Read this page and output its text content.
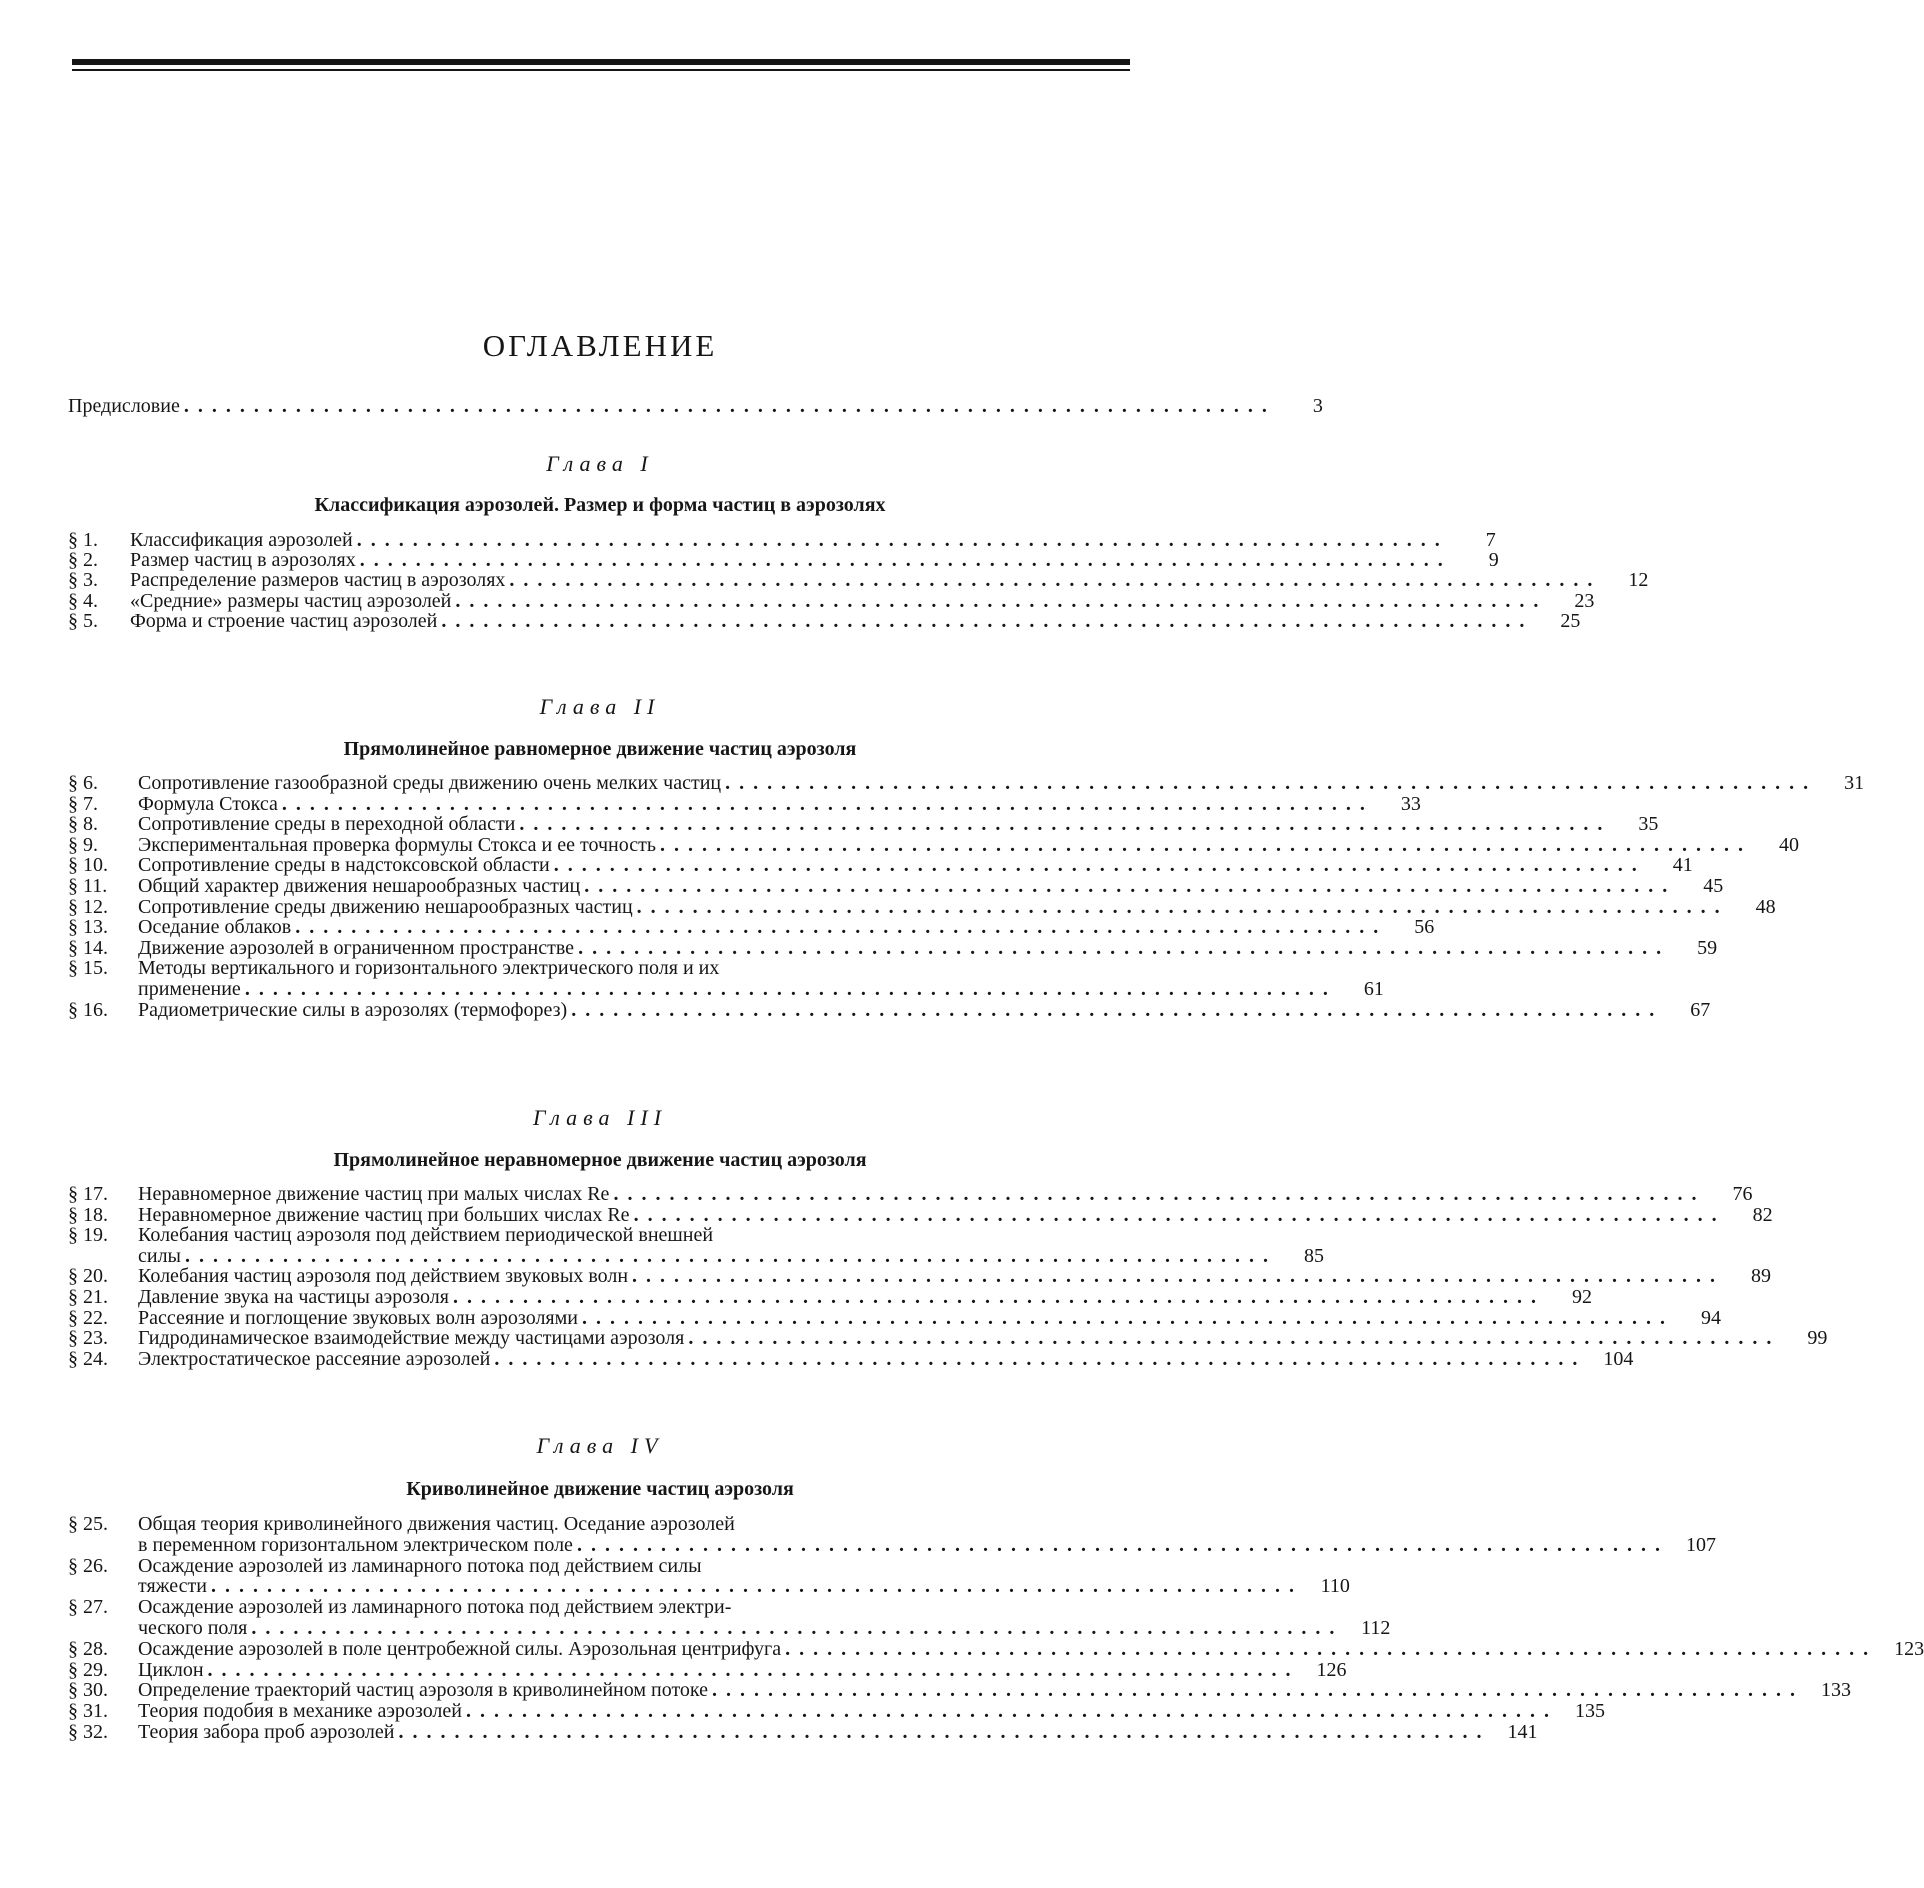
ОГЛАВЛЕНИЕ
Предисловие . . . . . . . . . . . . . . . . . . . . . . . . . . . . . . . . . . . . . . . . . . . . . . . . . . . . . . . . . . . . . . . . . . . . . . . . . . . . . .	3
Глава I
Классификация аэрозолей. Размер и форма частиц в аэрозолях
§ 1.	Классификация аэрозолей . . . . . . . . . . . . . . . . . . . . . . . . . . . . . . . . . . . . . . . . . . . . . . . . . . . . . . . . . . . . . . . . . . . . . . . . . . . . . .	7
§ 2.	Размер частиц в аэрозолях . . . . . . . . . . . . . . . . . . . . . . . . . . . . . . . . . . . . . . . . . . . . . . . . . . . . . . . . . . . . . . . . . . . . . . . . . . . . . .	9
§ 3.	Распределение размеров частиц в аэрозолях . . . . . . . . . . . . . . . . . . . . . . . . . . . . . . . . . . . . . . . . . . . . . . . . . . . . . . . . . . . . . . . . . . . . . . . . . . . . . .	12
§ 4.	«Средние» размеры частиц аэрозолей . . . . . . . . . . . . . . . . . . . . . . . . . . . . . . . . . . . . . . . . . . . . . . . . . . . . . . . . . . . . . . . . . . . . . . . . . . . . . .	23
§ 5.	Форма и строение частиц аэрозолей . . . . . . . . . . . . . . . . . . . . . . . . . . . . . . . . . . . . . . . . . . . . . . . . . . . . . . . . . . . . . . . . . . . . . . . . . . . . . .	25
Глава II
Прямолинейное равномерное движение частиц аэрозоля
§ 6.	Сопротивление газообразной среды движению очень мелких частиц . . . . . . . . . . . . . . . . . . . . . . . . . . . . . . . . . . . . . . . . . . . . . . . . . . . . . . . . . . . . . . . . . . . . . . . . . . . . . .	31
§ 7.	Формула Стокса . . . . . . . . . . . . . . . . . . . . . . . . . . . . . . . . . . . . . . . . . . . . . . . . . . . . . . . . . . . . . . . . . . . . . . . . . . . . . .	33
§ 8.	Сопротивление среды в переходной области . . . . . . . . . . . . . . . . . . . . . . . . . . . . . . . . . . . . . . . . . . . . . . . . . . . . . . . . . . . . . . . . . . . . . . . . . . . . . .	35
§ 9.	Экспериментальная проверка формулы Стокса и ее точность . . . . . . . . . . . . . . . . . . . . . . . . . . . . . . . . . . . . . . . . . . . . . . . . . . . . . . . . . . . . . . . . . . . . . . . . . . . . . .	40
§ 10.	Сопротивление среды в надстоксовской области . . . . . . . . . . . . . . . . . . . . . . . . . . . . . . . . . . . . . . . . . . . . . . . . . . . . . . . . . . . . . . . . . . . . . . . . . . . . . .	41
§ 11.	Общий характер движения нешарообразных частиц . . . . . . . . . . . . . . . . . . . . . . . . . . . . . . . . . . . . . . . . . . . . . . . . . . . . . . . . . . . . . . . . . . . . . . . . . . . . . .	45
§ 12.	Сопротивление среды движению нешарообразных частиц . . . . . . . . . . . . . . . . . . . . . . . . . . . . . . . . . . . . . . . . . . . . . . . . . . . . . . . . . . . . . . . . . . . . . . . . . . . . . .	48
§ 13.	Оседание облаков . . . . . . . . . . . . . . . . . . . . . . . . . . . . . . . . . . . . . . . . . . . . . . . . . . . . . . . . . . . . . . . . . . . . . . . . . . . . . .	56
§ 14.	Движение аэрозолей в ограниченном пространстве . . . . . . . . . . . . . . . . . . . . . . . . . . . . . . . . . . . . . . . . . . . . . . . . . . . . . . . . . . . . . . . . . . . . . . . . . . . . . .	59
§ 15.	Методы вертикального и горизонтального электрического поля и их
применение . . . . . . . . . . . . . . . . . . . . . . . . . . . . . . . . . . . . . . . . . . . . . . . . . . . . . . . . . . . . . . . . . . . . . . . . . . . . . .	61
§ 16.	Радиометрические силы в аэрозолях (термофорез) . . . . . . . . . . . . . . . . . . . . . . . . . . . . . . . . . . . . . . . . . . . . . . . . . . . . . . . . . . . . . . . . . . . . . . . . . . . . . .	67
Глава III
Прямолинейное неравномерное движение частиц аэрозоля
§ 17.	Неравномерное движение частиц при малых числах Re . . . . . . . . . . . . . . . . . . . . . . . . . . . . . . . . . . . . . . . . . . . . . . . . . . . . . . . . . . . . . . . . . . . . . . . . . . . . . .	76
§ 18.	Неравномерное движение частиц при больших числах Re . . . . . . . . . . . . . . . . . . . . . . . . . . . . . . . . . . . . . . . . . . . . . . . . . . . . . . . . . . . . . . . . . . . . . . . . . . . . . .	82
§ 19.	Колебания частиц аэрозоля под действием периодической внешней
силы . . . . . . . . . . . . . . . . . . . . . . . . . . . . . . . . . . . . . . . . . . . . . . . . . . . . . . . . . . . . . . . . . . . . . . . . . . . . . .	85
§ 20.	Колебания частиц аэрозоля под действием звуковых волн . . . . . . . . . . . . . . . . . . . . . . . . . . . . . . . . . . . . . . . . . . . . . . . . . . . . . . . . . . . . . . . . . . . . . . . . . . . . . .	89
§ 21.	Давление звука на частицы аэрозоля . . . . . . . . . . . . . . . . . . . . . . . . . . . . . . . . . . . . . . . . . . . . . . . . . . . . . . . . . . . . . . . . . . . . . . . . . . . . . .	92
§ 22.	Рассеяние и поглощение звуковых волн аэрозолями . . . . . . . . . . . . . . . . . . . . . . . . . . . . . . . . . . . . . . . . . . . . . . . . . . . . . . . . . . . . . . . . . . . . . . . . . . . . . .	94
§ 23.	Гидродинамическое взаимодействие между частицами аэрозоля . . . . . . . . . . . . . . . . . . . . . . . . . . . . . . . . . . . . . . . . . . . . . . . . . . . . . . . . . . . . . . . . . . . . . . . . . . . . . .	99
§ 24.	Электростатическое рассеяние аэрозолей . . . . . . . . . . . . . . . . . . . . . . . . . . . . . . . . . . . . . . . . . . . . . . . . . . . . . . . . . . . . . . . . . . . . . . . . . . . . . .	104
Глава IV
Криволинейное движение частиц аэрозоля
§ 25.	Общая теория криволинейного движения частиц. Оседание аэрозолей
в переменном горизонтальном электрическом поле . . . . . . . . . . . . . . . . . . . . . . . . . . . . . . . . . . . . . . . . . . . . . . . . . . . . . . . . . . . . . . . . . . . . . . . . . . . . . .	107
§ 26.	Осаждение аэрозолей из ламинарного потока под действием силы
тяжести . . . . . . . . . . . . . . . . . . . . . . . . . . . . . . . . . . . . . . . . . . . . . . . . . . . . . . . . . . . . . . . . . . . . . . . . . . . . . .	110
§ 27.	Осаждение аэрозолей из ламинарного потока под действием электри-
ческого поля . . . . . . . . . . . . . . . . . . . . . . . . . . . . . . . . . . . . . . . . . . . . . . . . . . . . . . . . . . . . . . . . . . . . . . . . . . . . . .	112
§ 28.	Осаждение аэрозолей в поле центробежной силы. Аэрозольная центрифуга . . . . . . . . . . . . . . . . . . . . . . . . . . . . . . . . . . . . . . . . . . . . . . . . . . . . . . . . . . . . . . . . . . . . . . . . . . . . . .	123
§ 29.	Циклон . . . . . . . . . . . . . . . . . . . . . . . . . . . . . . . . . . . . . . . . . . . . . . . . . . . . . . . . . . . . . . . . . . . . . . . . . . . . . .	126
§ 30.	Определение траекторий частиц аэрозоля в криволинейном потоке . . . . . . . . . . . . . . . . . . . . . . . . . . . . . . . . . . . . . . . . . . . . . . . . . . . . . . . . . . . . . . . . . . . . . . . . . . . . . .	133
§ 31.	Теория подобия в механике аэрозолей . . . . . . . . . . . . . . . . . . . . . . . . . . . . . . . . . . . . . . . . . . . . . . . . . . . . . . . . . . . . . . . . . . . . . . . . . . . . . .	135
§ 32.	Теория забора проб аэрозолей . . . . . . . . . . . . . . . . . . . . . . . . . . . . . . . . . . . . . . . . . . . . . . . . . . . . . . . . . . . . . . . . . . . . . . . . . . . . . .	141
